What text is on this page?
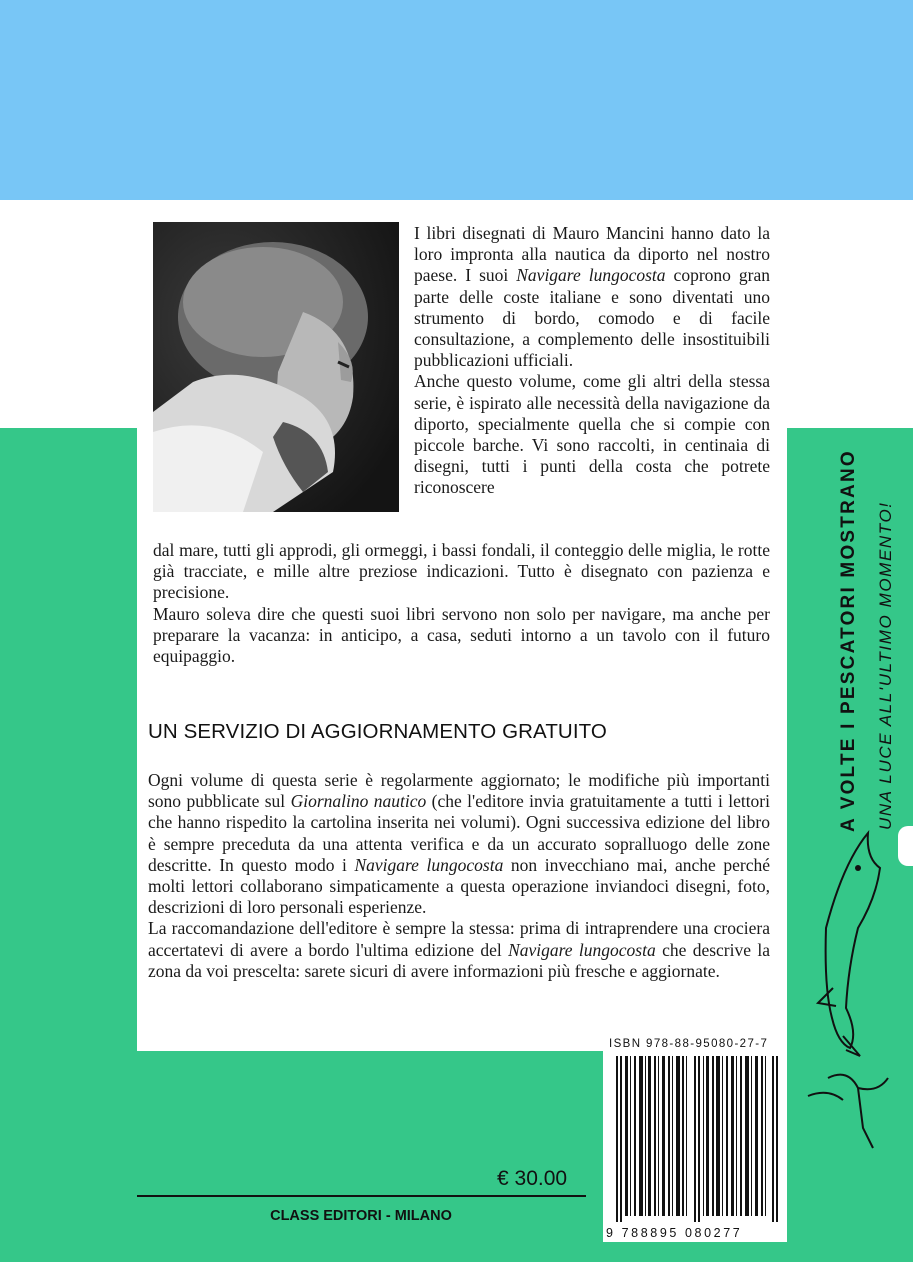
I libri disegnati di Mauro Mancini hanno dato la loro impronta alla nautica da diporto nel nostro paese. I suoi Navigare lungocosta coprono gran parte delle coste italiane e sono diventati uno strumento di bordo, comodo e di facile consultazione, a complemento delle insostituibili pubblicazioni ufficiali.

Anche questo volume, come gli altri della stessa serie, è ispirato alle necessità della navigazione da diporto, specialmente quella che si compie con piccole barche. Vi sono raccolti, in centinaia di disegni, tutti i punti della costa che potrete riconoscere

dal mare, tutti gli approdi, gli ormeggi, i bassi fondali, il conteggio delle miglia, le rotte già tracciate, e mille altre preziose indicazioni. Tutto è disegnato con pazienza e precisione.

Mauro soleva dire che questi suoi libri servono non solo per navigare, ma anche per preparare la vacanza: in anticipo, a casa, seduti intorno a un tavolo con il futuro equipaggio.

UN SERVIZIO DI AGGIORNAMENTO GRATUITO

Ogni volume di questa serie è regolarmente aggiornato; le modifiche più importanti sono pubblicate sul Giornalino nautico (che l'editore invia gratuitamente a tutti i lettori che hanno rispedito la cartolina inserita nei volumi). Ogni successiva edizione del libro è sempre preceduta da una attenta verifica e da un accurato sopralluogo delle zone descritte. In questo modo i Navigare lungocosta non invecchiano mai, anche perché molti lettori collaborano simpaticamente a questa operazione inviandoci disegni, foto, descrizioni di loro personali esperienze.

La raccomandazione dell'editore è sempre la stessa: prima di intraprendere una crociera accertatevi di avere a bordo l'ultima edizione del Navigare lungocosta che descrive la zona da voi prescelta: sarete sicuri di avere informazioni più fresche e aggiornate.

A VOLTE I PESCATORI MOSTRANO UNA LUCE ALL'ULTIMO MOMENTO!
ISBN 978-88-95080-27-7
9 788895 080277
€ 30.00
CLASS EDITORI - MILANO
